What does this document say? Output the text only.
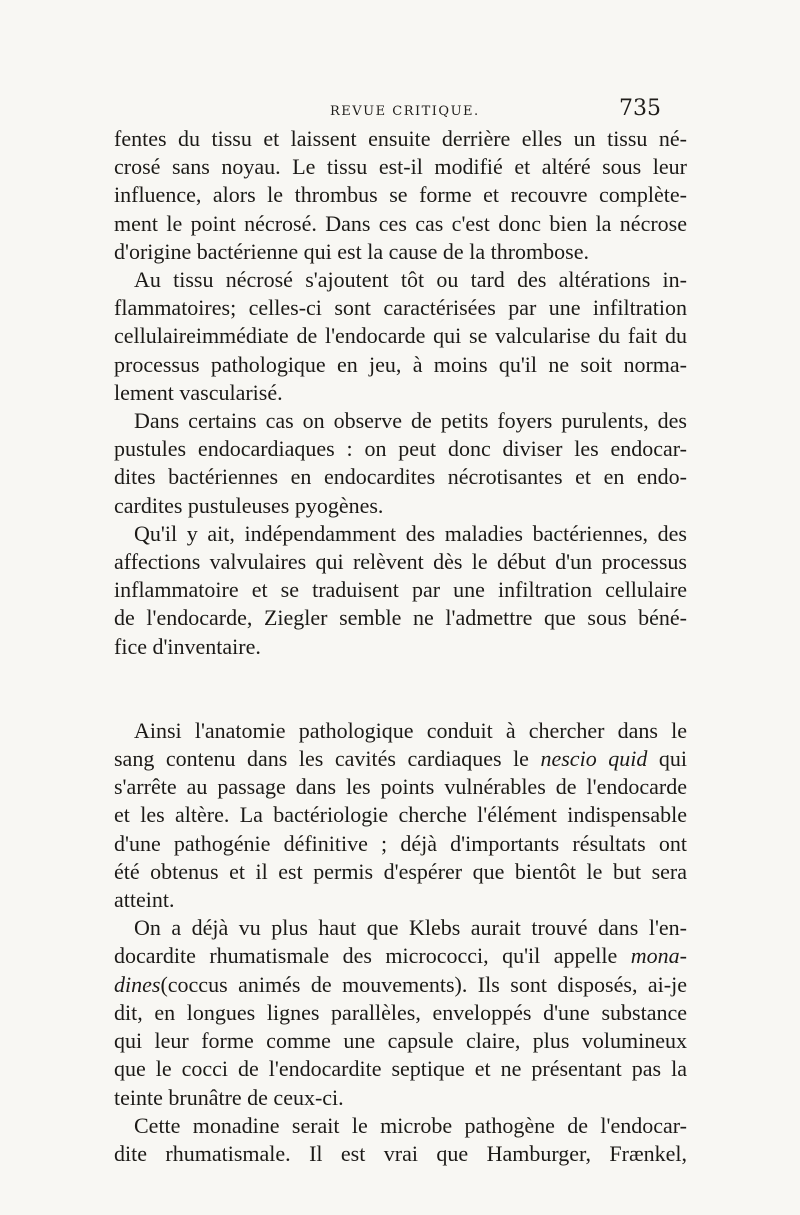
REVUE CRITIQUE.	735
fentes du tissu et laissent ensuite derrière elles un tissu né-
crosé sans noyau. Le tissu est-il modifié et altéré sous leur
influence, alors le thrombus se forme et recouvre complète-
ment le point nécrosé. Dans ces cas c'est donc bien la nécrose
d'origine bactérienne qui est la cause de la thrombose.
Au tissu nécrosé s'ajoutent tôt ou tard des altérations in-
flammatoires; celles-ci sont caractérisées par une infiltration
cellulaireimmédiate de l'endocarde qui se valcularise du fait du
processus pathologique en jeu, à moins qu'il ne soit norma-
lement vascularisé.
Dans certains cas on observe de petits foyers purulents, des
pustules endocardiaques : on peut donc diviser les endocar-
dites bactériennes en endocardites nécrotisantes et en endo-
cardites pustuleuses pyogènes.
Qu'il y ait, indépendamment des maladies bactériennes, des
affections valvulaires qui relèvent dès le début d'un processus
inflammatoire et se traduisent par une infiltration cellulaire
de l'endocarde, Ziegler semble ne l'admettre que sous béné-
fice d'inventaire.
Ainsi l'anatomie pathologique conduit à chercher dans le
sang contenu dans les cavités cardiaques le nescio quid qui
s'arrête au passage dans les points vulnérables de l'endocarde
et les altère. La bactériologie cherche l'élément indispensable
d'une pathogénie définitive ; déjà d'importants résultats ont
été obtenus et il est permis d'espérer que bientôt le but sera
atteint.
On a déjà vu plus haut que Klebs aurait trouvé dans l'en-
docardite rhumatismale des micrococci, qu'il appelle mona-
dines(coccus animés de mouvements). Ils sont disposés, ai-je
dit, en longues lignes parallèles, enveloppés d'une substance
qui leur forme comme une capsule claire, plus volumineux
que le cocci de l'endocardite septique et ne présentant pas la
teinte brunâtre de ceux-ci.
Cette monadine serait le microbe pathogène de l'endocar-
dite rhumatismale. Il est vrai que Hamburger, Frænkel,
